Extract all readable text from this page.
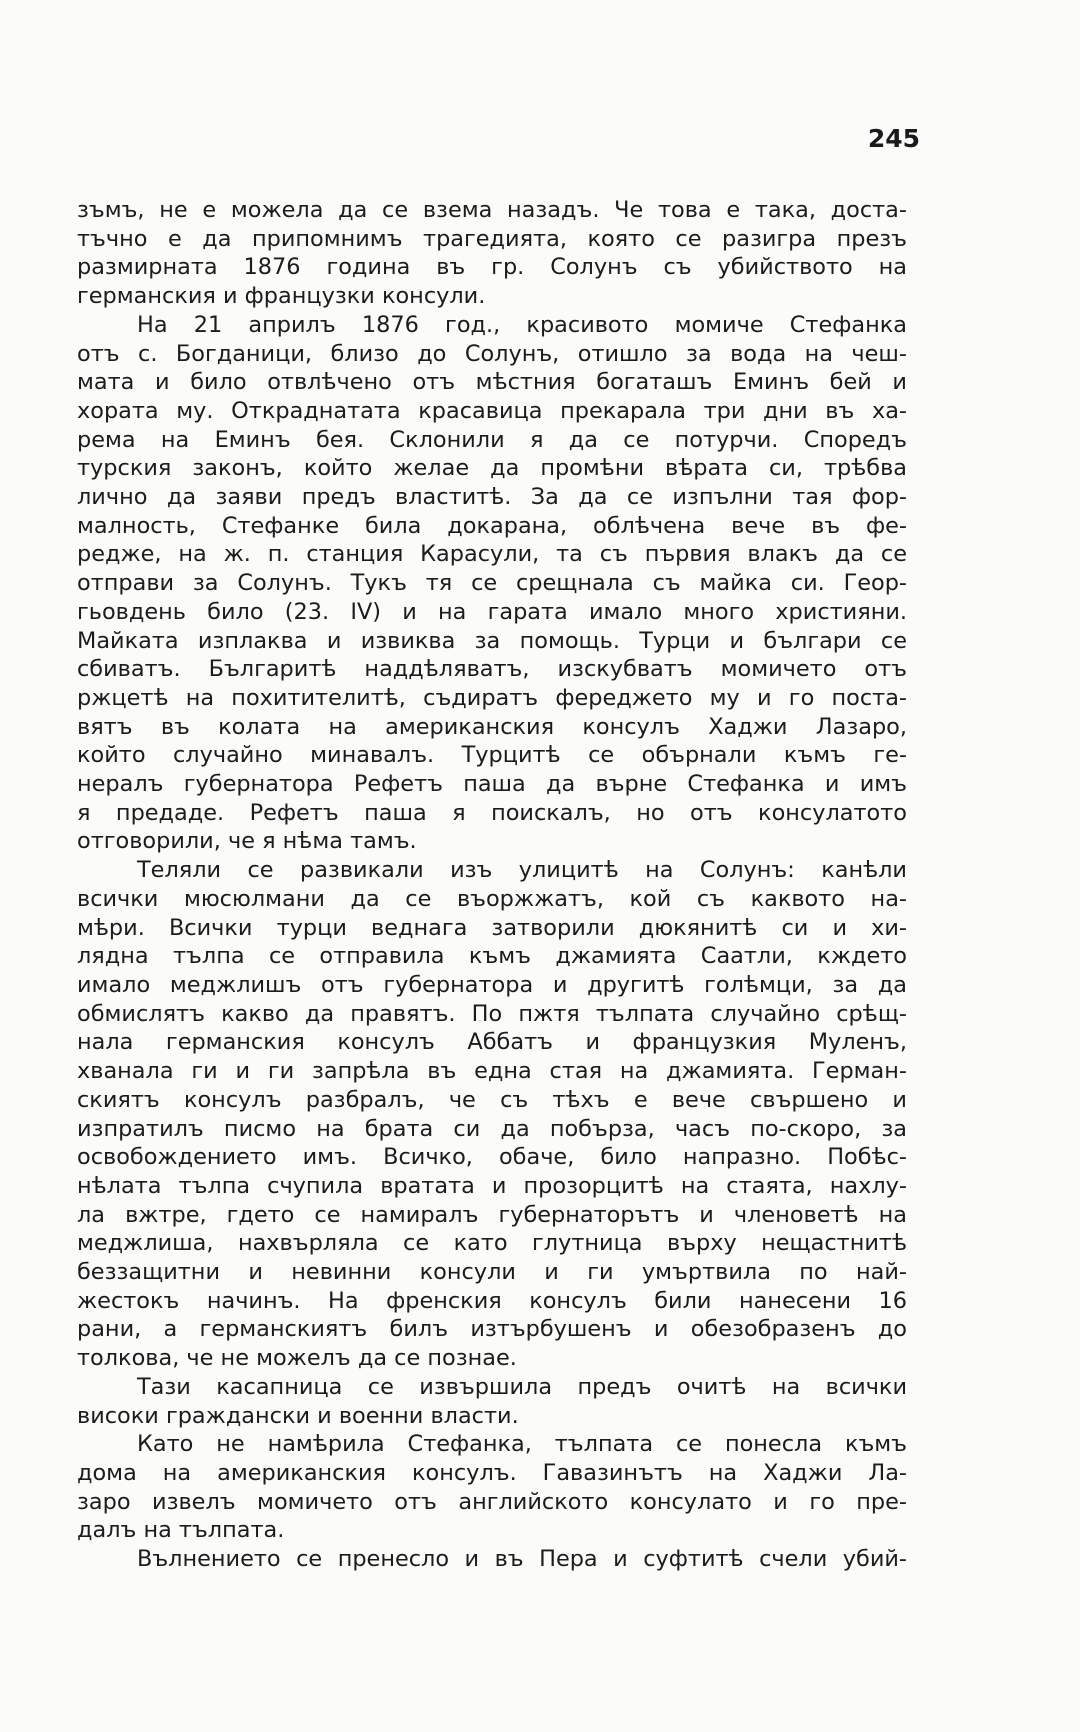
245
зъмъ, не е можела да се взема назадъ. Че това е така, доста-
тъчно е да припомнимъ трагедията, която се разигра презъ
размирната 1876 година въ гр. Солунъ съ убийството на
германския и французки консули.
На 21 априлъ 1876 год., красивото момиче Стефанка
отъ с. Богданици, близо до Солунъ, отишло за вода на чеш-
мата и било отвлѣчено отъ мѣстния богаташъ Еминъ бей и
хората му. Откраднатата красавица прекарала три дни въ ха-
рема на Еминъ бея. Склонили я да се потурчи. Споредъ
турския законъ, който желае да промѣни вѣрата си, трѣбва
лично да заяви предъ властитѣ. За да се изпълни тая фор-
малность, Стефанке била докарана, облѣчена вече въ фе-
редже, на ж. п. станция Карасули, та съ първия влакъ да се
отправи за Солунъ. Тукъ тя се срещнала съ майка си. Геор-
гьовдень било (23. IV) и на гарата имало много християни.
Майката изплаква и извиква за помощь. Турци и българи се
сбиватъ. Българитѣ наддѣляватъ, изскубватъ момичето отъ
ржцетѣ на похитителитѣ, съдиратъ фереджето му и го поста-
вятъ въ колата на американския консулъ Хаджи Лазаро,
който случайно минавалъ. Турцитѣ се обърнали къмъ ге-
нералъ губернатора Рефетъ паша да върне Стефанка и имъ
я предаде. Рефетъ паша я поискалъ, но отъ консулатото
отговорили, че я нѣма тамъ.
Теляли се развикали изъ улицитѣ на Солунъ: канѣли
всички мюсюлмани да се въоржжатъ, кой съ каквото на-
мѣри. Всички турци веднага затворили дюкянитѣ си и хи-
лядна тълпа се отправила къмъ джамията Саатли, кждето
имало меджлишъ отъ губернатора и другитѣ голѣмци, за да
обмислятъ какво да правятъ. По пжтя тълпата случайно срѣщ-
нала германския консулъ Аббатъ и французкия Муленъ,
хванала ги и ги запрѣла въ една стая на джамията. Герман-
скиятъ консулъ разбралъ, че съ тѣхъ е вече свършено и
изпратилъ писмо на брата си да побърза, часъ по-скоро, за
освобождението имъ. Всичко, обаче, било напразно. Побѣс-
нѣлата тълпа счупила вратата и прозорцитѣ на стаята, нахлу-
ла вжтре, гдето се намиралъ губернаторътъ и членоветѣ на
меджлиша, нахвърляла се като глутница върху нещастнитѣ
беззащитни и невинни консули и ги умъртвила по най-
жестокъ начинъ. На френския консулъ били нанесени 16
рани, а германскиятъ билъ изтърбушенъ и обезобразенъ до
толкова, че не можелъ да се познае.
Тази касапница се извършила предъ очитѣ на всички
високи граждански и военни власти.
Като не намѣрила Стефанка, тълпата се понесла къмъ
дома на американския консулъ. Гавазинътъ на Хаджи Ла-
заро извелъ момичето отъ английското консулато и го пре-
далъ на тълпата.
Вълнението се пренесло и въ Пера и суфтитѣ счели убий-
